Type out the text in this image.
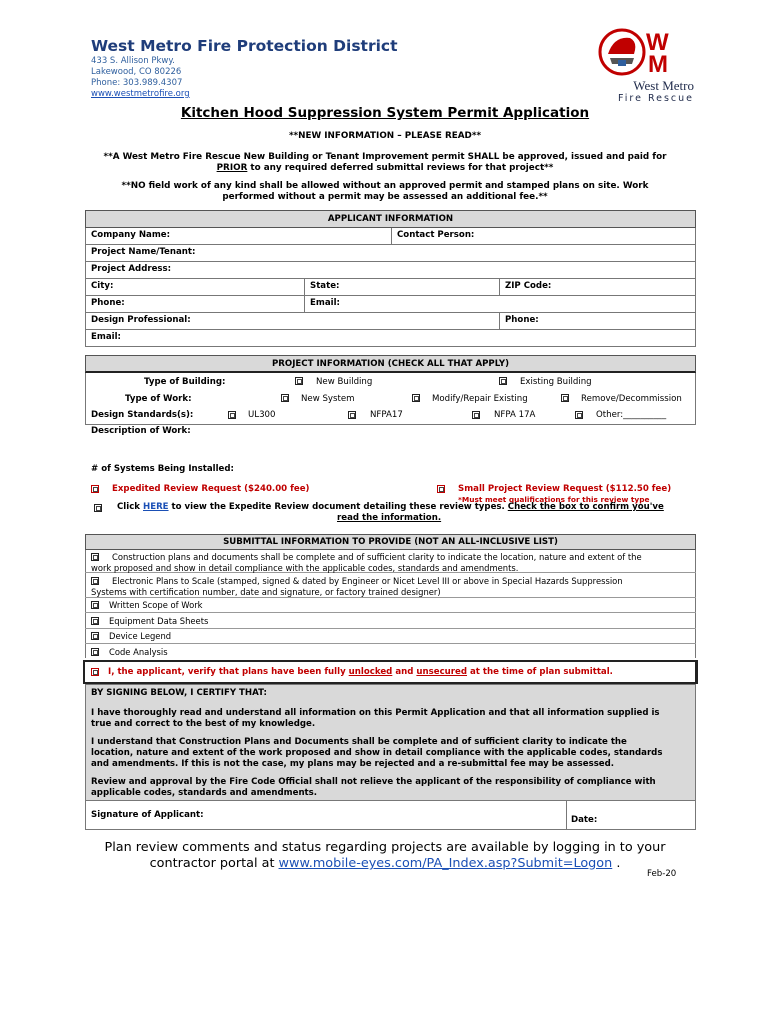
West Metro Fire Protection District
433 S. Allison Pkwy.
Lakewood, CO 80226
Phone: 303.989.4307
www.westmetrofire.org
W
M
West Metro
Fire Rescue
Kitchen Hood Suppression System Permit Application
**NEW INFORMATION – PLEASE READ**
**A West Metro Fire Rescue New Building or Tenant Improvement permit SHALL be approved, issued and paid for
PRIOR to any required deferred submittal reviews for that project**
**NO field work of any kind shall be allowed without an approved permit and stamped plans on site. Work
performed without a permit may be assessed an additional fee.**
APPLICANT INFORMATION
Company Name:	Contact Person:
Project Name/Tenant:
Project Address:
City:	State:	ZIP Code:
Phone:	Email:
Design Professional:	Phone:
Email:
PROJECT INFORMATION (CHECK ALL THAT APPLY)
Type of Building:	New Building	Existing Building
Type of Work:	New System	Modify/Repair Existing	Remove/Decommission
Design Standards(s):	UL300	NFPA17	NFPA 17A	Other:__________
Description of Work:
# of Systems Being Installed:
Expedited Review Request ($240.00 fee)	Small Project Review Request ($112.50 fee)
*Must meet qualifications for this review type
Click HERE to view the Expedite Review document detailing these review types. Check the box to confirm you've
read the information.
SUBMITTAL INFORMATION TO PROVIDE (NOT AN ALL-INCLUSIVE LIST)
Construction plans and documents shall be complete and of sufficient clarity to indicate the location, nature and extent of the
work proposed and show in detail compliance with the applicable codes, standards and amendments.
Electronic Plans to Scale (stamped, signed & dated by Engineer or Nicet Level III or above in Special Hazards Suppression
Systems with certification number, date and signature, or factory trained designer)
Written Scope of Work
Equipment Data Sheets
Device Legend
Code Analysis
I, the applicant, verify that plans have been fully unlocked and unsecured at the time of plan submittal.
BY SIGNING BELOW, I CERTIFY THAT:
I have thoroughly read and understand all information on this Permit Application and that all information supplied is
true and correct to the best of my knowledge.
I understand that Construction Plans and Documents shall be complete and of sufficient clarity to indicate the
location, nature and extent of the work proposed and show in detail compliance with the applicable codes, standards
and amendments. If this is not the case, my plans may be rejected and a re-submittal fee may be assessed.
Review and approval by the Fire Code Official shall not relieve the applicant of the responsibility of compliance with
applicable codes, standards and amendments.
Signature of Applicant:	Date:
Plan review comments and status regarding projects are available by logging in to your
contractor portal at www.mobile-eyes.com/PA_Index.asp?Submit=Logon .
Feb-20
